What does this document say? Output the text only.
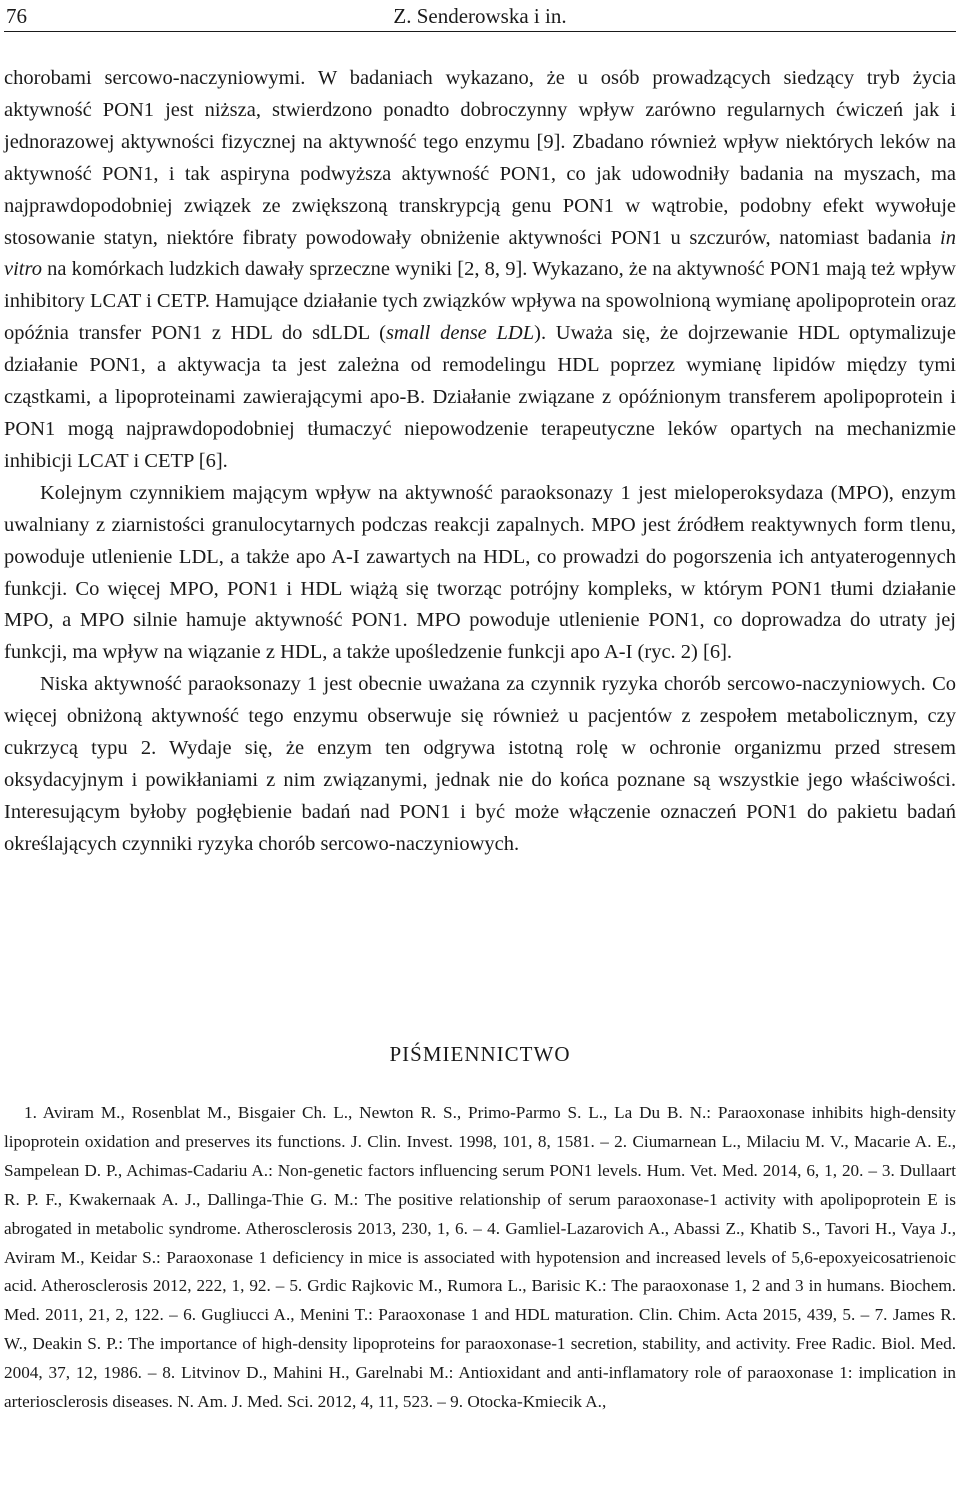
76	Z. Senderowska i in.

chorobami sercowo-naczyniowymi. W badaniach wykazano, że u osób prowadzących siedzący tryb życia aktywność PON1 jest niższa, stwierdzono ponadto dobroczynny wpływ zarówno regularnych ćwiczeń jak i jednorazowej aktywności fizycznej na aktywność tego enzymu [9]. Zbadano również wpływ niektórych leków na aktywność PON1, i tak aspiryna podwyższa aktywność PON1, co jak udowodniły badania na myszach, ma najprawdopodobniej związek ze zwiększoną transkrypcją genu PON1 w wątrobie, podobny efekt wywołuje stosowanie statyn, niektóre fibraty powodowały obniżenie aktywności PON1 u szczurów, natomiast badania in vitro na komórkach ludzkich dawały sprzeczne wyniki [2, 8, 9]. Wykazano, że na aktywność PON1 mają też wpływ inhibitory LCAT i CETP. Hamujące działanie tych związków wpływa na spowolnioną wymianę apolipoprotein oraz opóźnia transfer PON1 z HDL do sdLDL (small dense LDL). Uważa się, że dojrzewanie HDL optymalizuje działanie PON1, a aktywacja ta jest zależna od remodelingu HDL poprzez wymianę lipidów między tymi cząstkami, a lipoproteinami zawierającymi apo-B. Działanie związane z opóźnionym transferem apolipoprotein i PON1 mogą najprawdopodobniej tłumaczyć niepowodzenie terapeutyczne leków opartych na mechanizmie inhibicji LCAT i CETP [6].

Kolejnym czynnikiem mającym wpływ na aktywność paraoksonazy 1 jest mieloperoksydaza (MPO), enzym uwalniany z ziarnistości granulocytarnych podczas reakcji zapalnych. MPO jest źródłem reaktywnych form tlenu, powoduje utlenienie LDL, a także apo A-I zawartych na HDL, co prowadzi do pogorszenia ich antyaterogennych funkcji. Co więcej MPO, PON1 i HDL wiążą się tworząc potrójny kompleks, w którym PON1 tłumi działanie MPO, a MPO silnie hamuje aktywność PON1. MPO powoduje utlenienie PON1, co doprowadza do utraty jej funkcji, ma wpływ na wiązanie z HDL, a także upośledzenie funkcji apo A-I (ryc. 2) [6].

Niska aktywność paraoksonazy 1 jest obecnie uważana za czynnik ryzyka chorób sercowo-naczyniowych. Co więcej obniżoną aktywność tego enzymu obserwuje się również u pacjentów z zespołem metabolicznym, czy cukrzycą typu 2. Wydaje się, że enzym ten odgrywa istotną rolę w ochronie organizmu przed stresem oksydacyjnym i powikłaniami z nim związanymi, jednak nie do końca poznane są wszystkie jego właściwości. Interesującym byłoby pogłębienie badań nad PON1 i być może włączenie oznaczeń PON1 do pakietu badań określających czynniki ryzyka chorób sercowo-naczyniowych.

PIŚMIENNICTWO

1. Aviram M., Rosenblat M., Bisgaier Ch. L., Newton R. S., Primo-Parmo S. L., La Du B. N.: Paraoxonase inhibits high-density lipoprotein oxidation and preserves its functions. J. Clin. Invest. 1998, 101, 8, 1581. – 2. Ciumarnean L., Milaciu M. V., Macarie A. E., Sampelean D. P., Achimas-Cadariu A.: Non-genetic factors influencing serum PON1 levels. Hum. Vet. Med. 2014, 6, 1, 20. – 3. Dullaart R. P. F., Kwakernaak A. J., Dallinga-Thie G. M.: The positive relationship of serum paraoxonase-1 activity with apolipoprotein E is abrogated in metabolic syndrome. Atherosclerosis 2013, 230, 1, 6. – 4. Gamliel-Lazarovich A., Abassi Z., Khatib S., Tavori H., Vaya J., Aviram M., Keidar S.: Paraoxonase 1 deficiency in mice is associated with hypotension and increased levels of 5,6-epoxyeicosatrienoic acid. Atherosclerosis 2012, 222, 1, 92. – 5. Grdic Rajkovic M., Rumora L., Barisic K.: The paraoxonase 1, 2 and 3 in humans. Biochem. Med. 2011, 21, 2, 122. – 6. Gugliucci A., Menini T.: Paraoxonase 1 and HDL maturation. Clin. Chim. Acta 2015, 439, 5. – 7. James R. W., Deakin S. P.: The importance of high-density lipoproteins for paraoxonase-1 secretion, stability, and activity. Free Radic. Biol. Med. 2004, 37, 12, 1986. – 8. Litvinov D., Mahini H., Garelnabi M.: Antioxidant and anti-inflamatory role of paraoxonase 1: implication in arteriosclerosis diseases. N. Am. J. Med. Sci. 2012, 4, 11, 523. – 9. Otocka-Kmiecik A.,
